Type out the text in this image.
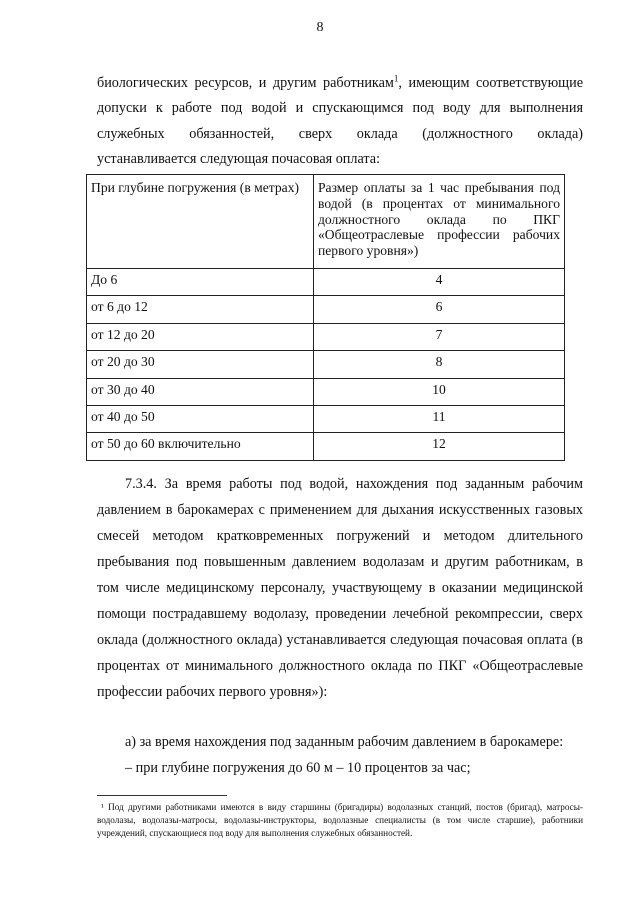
8
биологических ресурсов, и другим работникам$^1$, имеющим соответствующие
допуски к работе под водой и спускающимся под воду для выполнения
служебных обязанностей, сверх оклада (должностного оклада)
устанавливается следующая почасовая оплата:
При глубине погружения (в метрах)	Размер оплаты за 1 час пребывания под водой (в процентах от минимального должностного оклада по ПКГ «Общеотраслевые профессии рабочих первого уровня»)
До 6	4
от 6 до 12	6
от 12 до 20	7
от 20 до 30	8
от 30 до 40	10
от 40 до 50	11
от 50 до 60 включительно	12
7.3.4. За время работы под водой, нахождения под заданным рабочим давлением в барокамерах с применением для дыхания искусственных газовых смесей методом кратковременных погружений и методом длительного пребывания под повышенным давлением водолазам и другим работникам, в том числе медицинскому персоналу, участвующему в оказании медицинской помощи пострадавшему водолазу, проведении лечебной рекомпрессии, сверх оклада (должностного оклада) устанавливается следующая почасовая оплата (в процентах от минимального должностного оклада по ПКГ «Общеотраслевые профессии рабочих первого уровня»):
а) за время нахождения под заданным рабочим давлением в барокамере:
– при глубине погружения до 60 м – 10 процентов за час;
¹ Под другими работниками имеются в виду старшины (бригадиры) водолазных станций, постов (бригад), матросы-водолазы, водолазы-матросы, водолазы-инструкторы, водолазные специалисты (в том числе старшие), работники учреждений, спускающиеся под воду для выполнения служебных обязанностей.
